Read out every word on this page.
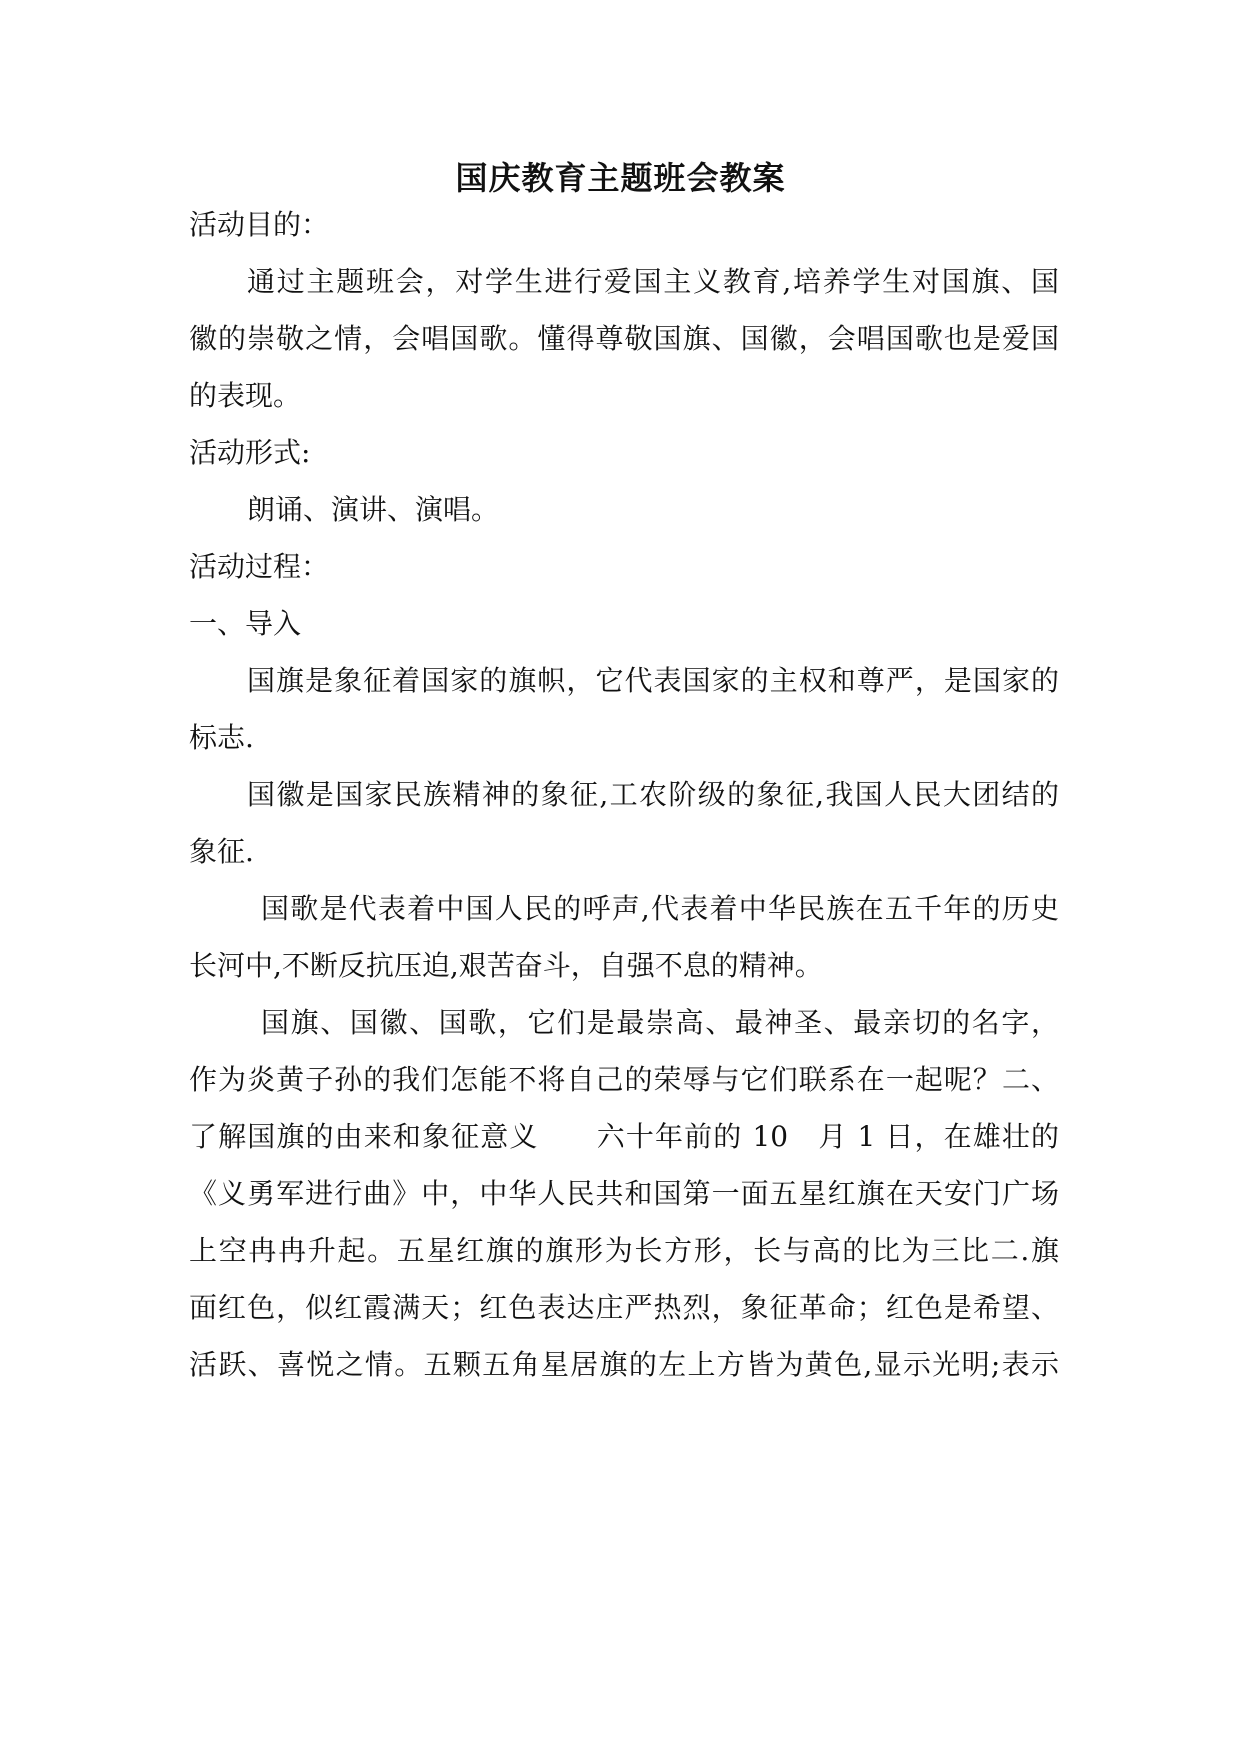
国庆教育主题班会教案
活动目的：
通过主题班会，对学生进行爱国主义教育,培养学生对国旗、国
徽的崇敬之情，会唱国歌。懂得尊敬国旗、国徽，会唱国歌也是爱国
的表现。
活动形式:
朗诵、演讲、演唱。
活动过程：
一、导入
国旗是象征着国家的旗帜，它代表国家的主权和尊严，是国家的
标志.
国徽是国家民族精神的象征,工农阶级的象征,我国人民大团结的
象征.
国歌是代表着中国人民的呼声,代表着中华民族在五千年的历史
长河中,不断反抗压迫,艰苦奋斗，自强不息的精神。
国旗、国徽、国歌，它们是最崇高、最神圣、最亲切的名字，
作为炎黄子孙的我们怎能不将自己的荣辱与它们联系在一起呢？二、
了解国旗的由来和象征意义　　六十年前的 10　月 1 日，在雄壮的
《义勇军进行曲》中，中华人民共和国第一面五星红旗在天安门广场
上空冉冉升起。五星红旗的旗形为长方形，长与高的比为三比二.旗
面红色，似红霞满天；红色表达庄严热烈，象征革命；红色是希望、
活跃、喜悦之情。五颗五角星居旗的左上方皆为黄色,显示光明;表示
